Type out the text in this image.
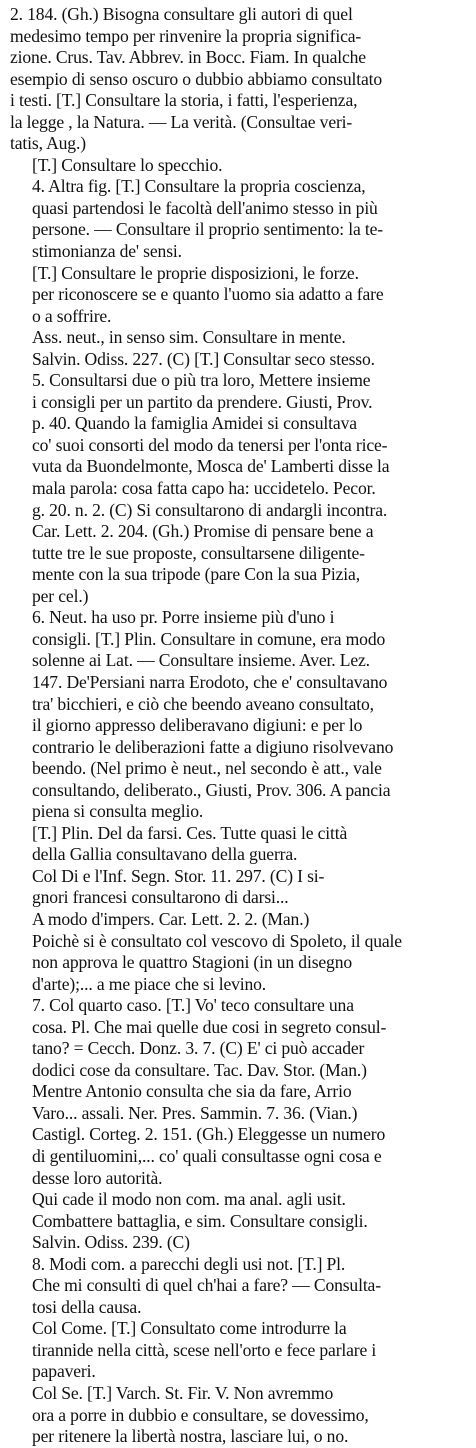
2. 184. (Gh.) Bisogna consultare gli autori di quel
medesimo tempo per rinvenire la propria significa-
zione. Crus. Tav. Abbrev. in Bocc. Fiam. In qualche
esempio di senso oscuro o dubbio abbiamo consultato
i testi. [T.] Consultare la storia, i fatti, l'esperienza,
la legge , la Natura. — La verità. (Consultae veri-
tatis, Aug.)

[T.] Consultare lo specchio.

4. Altra fig. [T.] Consultare la propria coscienza,
quasi partendosi le facoltà dell'animo stesso in più
persone. — Consultare il proprio sentimento: la te-
stimonianza de' sensi.

[T.] Consultare le proprie disposizioni, le forze.
per riconoscere se e quanto l'uomo sia adatto a fare
o a soffrire.

Ass. neut., in senso sim. Consultare in mente.
Salvin. Odiss. 227. (C) [T.] Consultar seco stesso.

5. Consultarsi due o più tra loro, Mettere insieme
i consigli per un partito da prendere. Giusti, Prov.
p. 40. Quando la famiglia Amidei si consultava
co' suoi consorti del modo da tenersi per l'onta rice-
vuta da Buondelmonte, Mosca de' Lamberti disse la
mala parola: cosa fatta capo ha: uccidetelo. Pecor.
g. 20. n. 2. (C) Si consultarono di andargli incontra.
Car. Lett. 2. 204. (Gh.) Promise di pensare bene a
tutte tre le sue proposte, consultarsene diligente-
mente con la sua tripode (pare Con la sua Pizia,
per cel.)

6. Neut. ha uso pr. Porre insieme più d'uno i
consigli. [T.] Plin. Consultare in comune, era modo
solenne ai Lat. — Consultare insieme. Aver. Lez.
147. De'Persiani narra Erodoto, che e' consultavano
tra' bicchieri, e ciò che beendo aveano consultato,
il giorno appresso deliberavano digiuni: e per lo
contrario le deliberazioni fatte a digiuno risolvevano
beendo. (Nel primo è neut., nel secondo è att., vale
consultando, deliberato., Giusti, Prov. 306. A pancia
piena si consulta meglio.

[T.] Plin. Del da farsi. Ces. Tutte quasi le città
della Gallia consultavano della guerra.

Col Di e l'Inf. Segn. Stor. 11. 297. (C) I si-
gnori francesi consultarono di darsi...

A modo d'impers. Car. Lett. 2. 2. (Man.)
Poichè si è consultato col vescovo di Spoleto, il quale
non approva le quattro Stagioni (in un disegno
d'arte);... a me piace che si levino.

7. Col quarto caso. [T.] Vo' teco consultare una
cosa. Pl. Che mai quelle due cosi in segreto consul-
tano? = Cecch. Donz. 3. 7. (C) E' ci può accader
dodici cose da consultare. Tac. Dav. Stor. (Man.)
Mentre Antonio consulta che sia da fare, Arrio
Varo... assali. Ner. Pres. Sammin. 7. 36. (Vian.)
Castigl. Corteg. 2. 151. (Gh.) Eleggesse un numero
di gentiluomini,... co' quali consultasse ogni cosa e
desse loro autorità.

Qui cade il modo non com. ma anal. agli usit.
Combattere battaglia, e sim. Consultare consigli.
Salvin. Odiss. 239. (C)

8. Modi com. a parecchi degli usi not. [T.] Pl.
Che mi consulti di quel ch'hai a fare? — Consulta-
tosi della causa.

Col Come. [T.] Consultato come introdurre la
tirannide nella città, scese nell'orto e fece parlare i
papaveri.

Col Se. [T.] Varch. St. Fir. V. Non avremmo
ora a porre in dubbio e consultare, se dovessimo,
per ritenere la libertà nostra, lasciare lui, o no.
